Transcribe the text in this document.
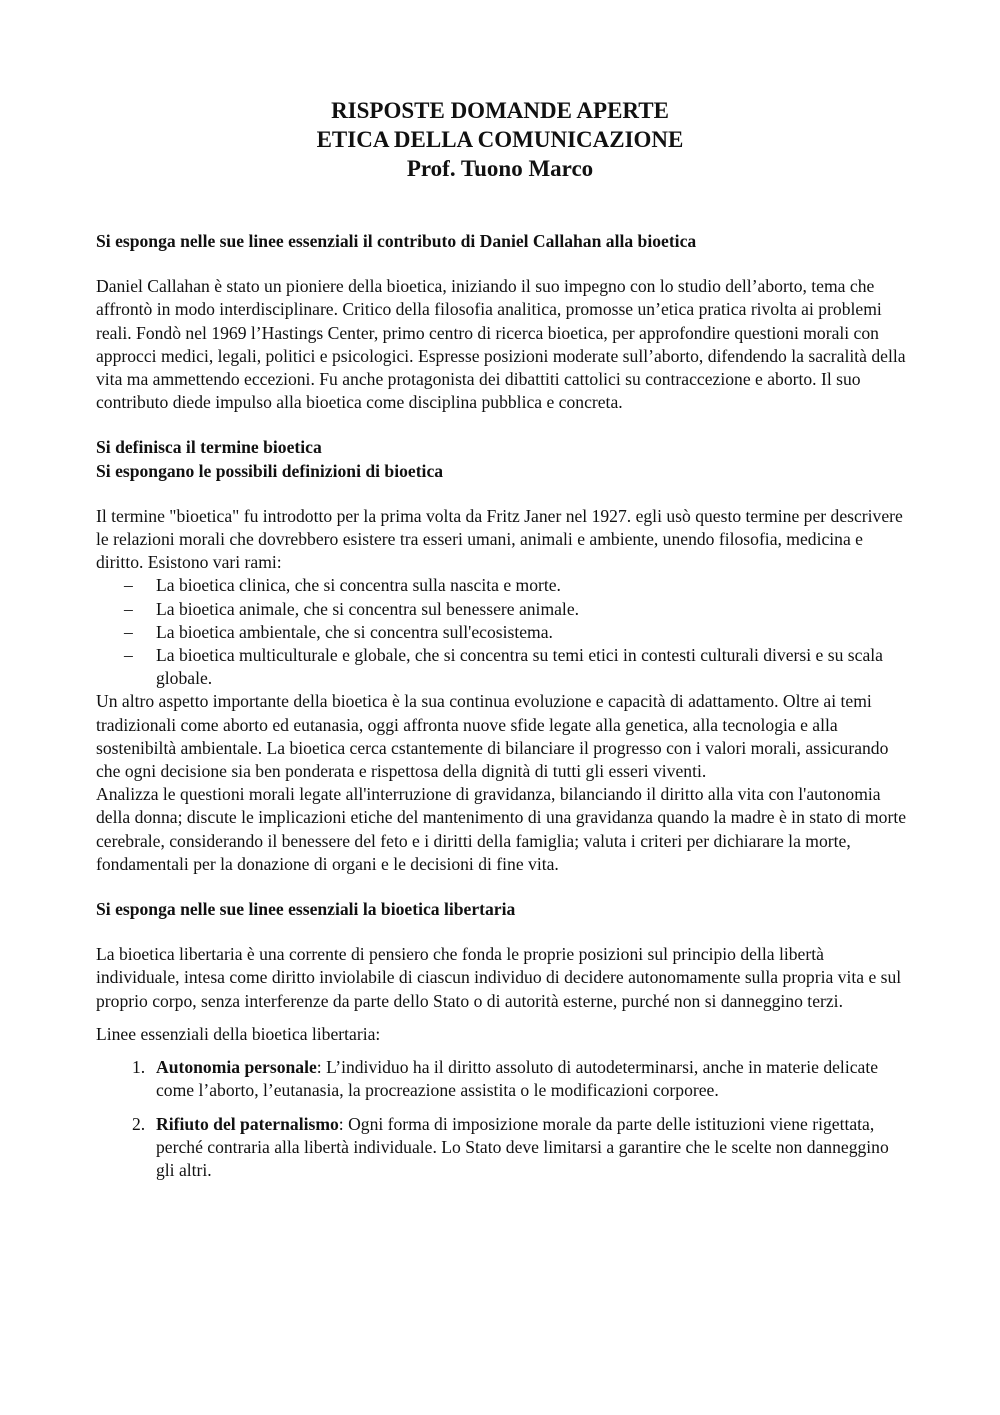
RISPOSTE DOMANDE APERTE
ETICA DELLA COMUNICAZIONE
Prof. Tuono Marco

Si esponga nelle sue linee essenziali il contributo di Daniel Callahan alla bioetica

Daniel Callahan è stato un pioniere della bioetica, iniziando il suo impegno con lo studio dell’aborto, tema che affrontò in modo interdisciplinare. Critico della filosofia analitica, promosse un’etica pratica rivolta ai problemi reali. Fondò nel 1969 l’Hastings Center, primo centro di ricerca bioetica, per approfondire questioni morali con approcci medici, legali, politici e psicologici. Espresse posizioni moderate sull’aborto, difendendo la sacralità della vita ma ammettendo eccezioni. Fu anche protagonista dei dibattiti cattolici su contraccezione e aborto. Il suo contributo diede impulso alla bioetica come disciplina pubblica e concreta.

Si definisca il termine bioetica

Si espongano le possibili definizioni di bioetica

Il termine "bioetica" fu introdotto per la prima volta da Fritz Janer nel 1927. egli usò questo termine per descrivere le relazioni morali che dovrebbero esistere tra esseri umani, animali e ambiente, unendo filosofia, medicina e diritto. Esistono vari rami:

– La bioetica clinica, che si concentra sulla nascita e morte.
– La bioetica animale, che si concentra sul benessere animale.
– La bioetica ambientale, che si concentra sull'ecosistema.
– La bioetica multiculturale e globale, che si concentra su temi etici in contesti culturali diversi e su scala globale.

Un altro aspetto importante della bioetica è la sua continua evoluzione e capacità di adattamento. Oltre ai temi tradizionali come aborto ed eutanasia, oggi affronta nuove sfide legate alla genetica, alla tecnologia e alla sostenibiltà ambientale. La bioetica cerca cstantemente di bilanciare il progresso con i valori morali, assicurando che ogni decisione sia ben ponderata e rispettosa della dignità di tutti gli esseri viventi.

Analizza le questioni morali legate all'interruzione di gravidanza, bilanciando il diritto alla vita con l'autonomia della donna; discute le implicazioni etiche del mantenimento di una gravidanza quando la madre è in stato di morte cerebrale, considerando il benessere del feto e i diritti della famiglia; valuta i criteri per dichiarare la morte, fondamentali per la donazione di organi e le decisioni di fine vita.

Si esponga nelle sue linee essenziali la bioetica libertaria

La bioetica libertaria è una corrente di pensiero che fonda le proprie posizioni sul principio della libertà individuale, intesa come diritto inviolabile di ciascun individuo di decidere autonomamente sulla propria vita e sul proprio corpo, senza interferenze da parte dello Stato o di autorità esterne, purché non si danneggino terzi.

Linee essenziali della bioetica libertaria:

1. Autonomia personale: L’individuo ha il diritto assoluto di autodeterminarsi, anche in materie delicate come l’aborto, l’eutanasia, la procreazione assistita o le modificazioni corporee.
2. Rifiuto del paternalismo: Ogni forma di imposizione morale da parte delle istituzioni viene rigettata, perché contraria alla libertà individuale. Lo Stato deve limitarsi a garantire che le scelte non danneggino gli altri.
